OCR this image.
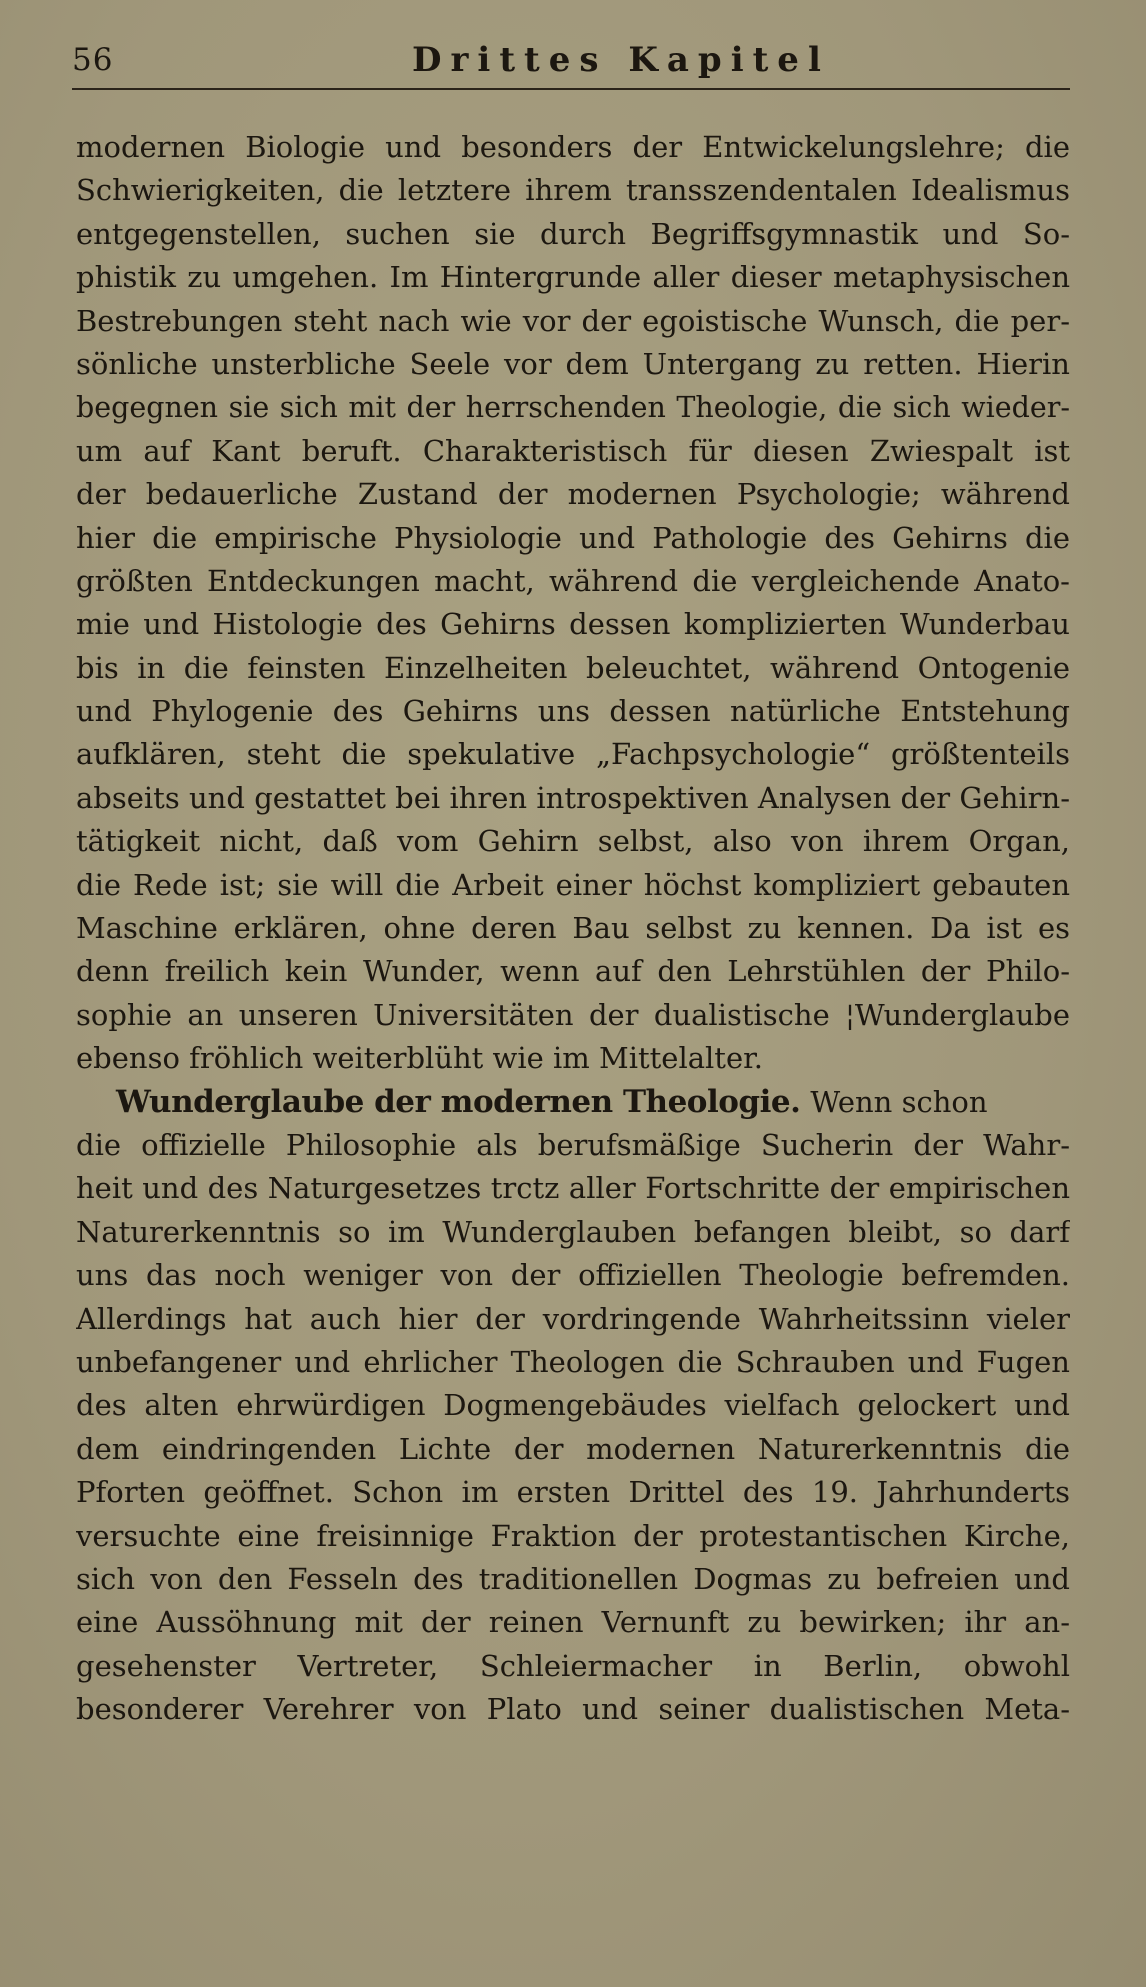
56	Drittes Kapitel
modernen Biologie und besonders der Entwickelungslehre; die
Schwierigkeiten, die letztere ihrem transszendentalen Idealismus
entgegenstellen, suchen sie durch Begriffsgymnastik und So-
phistik zu umgehen. Im Hintergrunde aller dieser metaphysischen
Bestrebungen steht nach wie vor der egoistische Wunsch, die per-
sönliche unsterbliche Seele vor dem Untergang zu retten. Hierin
begegnen sie sich mit der herrschenden Theologie, die sich wieder-
um auf Kant beruft. Charakteristisch für diesen Zwiespalt ist
der bedauerliche Zustand der modernen Psychologie; während
hier die empirische Physiologie und Pathologie des Gehirns die
größten Entdeckungen macht, während die vergleichende Anato-
mie und Histologie des Gehirns dessen komplizierten Wunderbau
bis in die feinsten Einzelheiten beleuchtet, während Ontogenie
und Phylogenie des Gehirns uns dessen natürliche Entstehung
aufklären, steht die spekulative „Fachpsychologie“ größtenteils
abseits und gestattet bei ihren introspektiven Analysen der Gehirn-
tätigkeit nicht, daß vom Gehirn selbst, also von ihrem Organ,
die Rede ist; sie will die Arbeit einer höchst kompliziert gebauten
Maschine erklären, ohne deren Bau selbst zu kennen. Da ist es
denn freilich kein Wunder, wenn auf den Lehrstühlen der Philo-
sophie an unseren Universitäten der dualistische ¦Wunderglaube
ebenso fröhlich weiterblüht wie im Mittelalter.
Wunderglaube der modernen Theologie. Wenn schon
die offizielle Philosophie als berufsmäßige Sucherin der Wahr-
heit und des Naturgesetzes trctz aller Fortschritte der empirischen
Naturerkenntnis so im Wunderglauben befangen bleibt, so darf
uns das noch weniger von der offiziellen Theologie befremden.
Allerdings hat auch hier der vordringende Wahrheitssinn vieler
unbefangener und ehrlicher Theologen die Schrauben und Fugen
des alten ehrwürdigen Dogmengebäudes vielfach gelockert und
dem eindringenden Lichte der modernen Naturerkenntnis die
Pforten geöffnet. Schon im ersten Drittel des 19. Jahrhunderts
versuchte eine freisinnige Fraktion der protestantischen Kirche,
sich von den Fesseln des traditionellen Dogmas zu befreien und
eine Aussöhnung mit der reinen Vernunft zu bewirken; ihr an-
gesehenster Vertreter, Schleiermacher in Berlin, obwohl
besonderer Verehrer von Plato und seiner dualistischen Meta-
